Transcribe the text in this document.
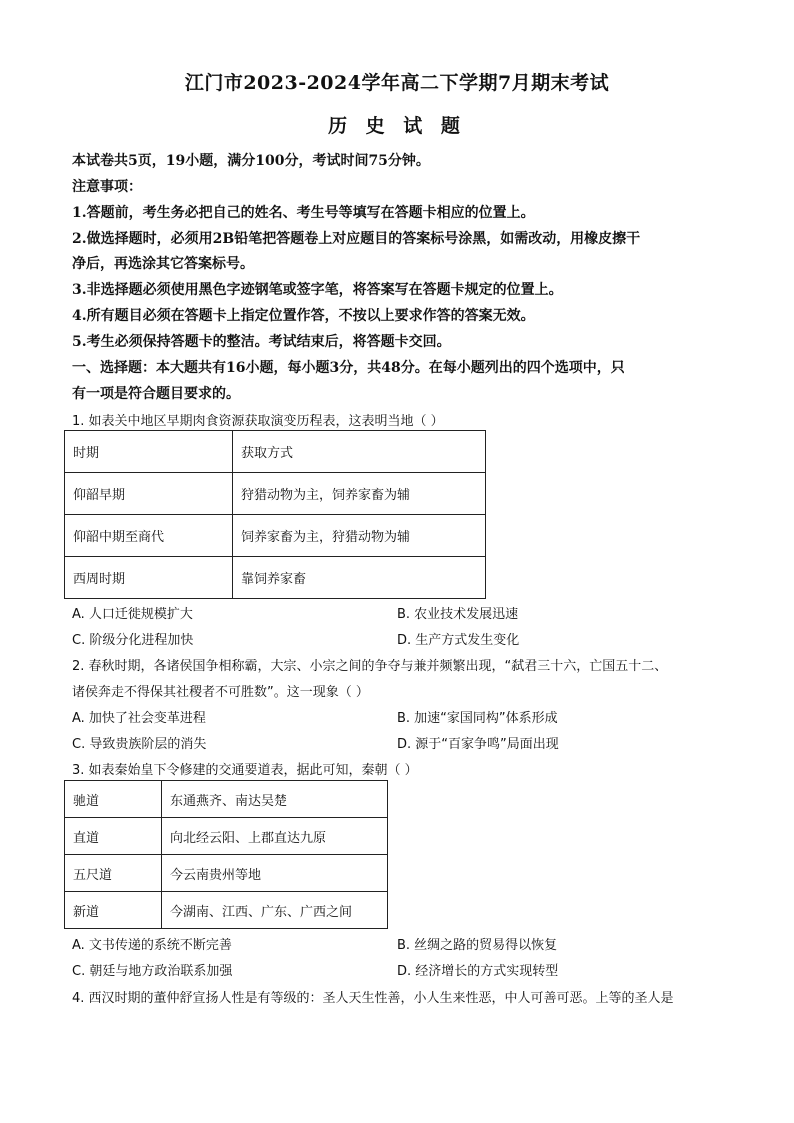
江门市2023-2024学年高二下学期7月期末考试
历 史 试 题
本试卷共5页，19小题，满分100分，考试时间75分钟。
注意事项：
1.答题前，考生务必把自己的姓名、考生号等填写在答题卡相应的位置上。
2.做选择题时，必须用2B铅笔把答题卷上对应题目的答案标号涂黑，如需改动，用橡皮擦干
净后，再选涂其它答案标号。
3.非选择题必须使用黑色字迹钢笔或签字笔，将答案写在答题卡规定的位置上。
4.所有题目必须在答题卡上指定位置作答，不按以上要求作答的答案无效。
5.考生必须保持答题卡的整洁。考试结束后，将答题卡交回。
一、选择题：本大题共有16小题，每小题3分，共48分。在每小题列出的四个选项中，只
有一项是符合题目要求的。
1. 如表关中地区早期肉食资源获取演变历程表，这表明当地（ ）
时期	获取方式
仰韶早期	狩猎动物为主，饲养家畜为辅
仰韶中期至商代	饲养家畜为主，狩猎动物为辅
西周时期	靠饲养家畜
A. 人口迁徙规模扩大	B. 农业技术发展迅速
C. 阶级分化进程加快	D. 生产方式发生变化
2. 春秋时期，各诸侯国争相称霸，大宗、小宗之间的争夺与兼并频繁出现，“弑君三十六，亡国五十二、
诸侯奔走不得保其社稷者不可胜数”。这一现象（ ）
A. 加快了社会变革进程	B. 加速“家国同构”体系形成
C. 导致贵族阶层的消失	D. 源于“百家争鸣”局面出现
3. 如表秦始皇下令修建的交通要道表，据此可知，秦朝（ ）
驰道	东通燕齐、南达吴楚
直道	向北经云阳、上郡直达九原
五尺道	今云南贵州等地
新道	今湖南、江西、广东、广西之间
A. 文书传递的系统不断完善	B. 丝绸之路的贸易得以恢复
C. 朝廷与地方政治联系加强	D. 经济增长的方式实现转型
4. 西汉时期的董仲舒宣扬人性是有等级的：圣人天生性善，小人生来性恶，中人可善可恶。上等的圣人是
